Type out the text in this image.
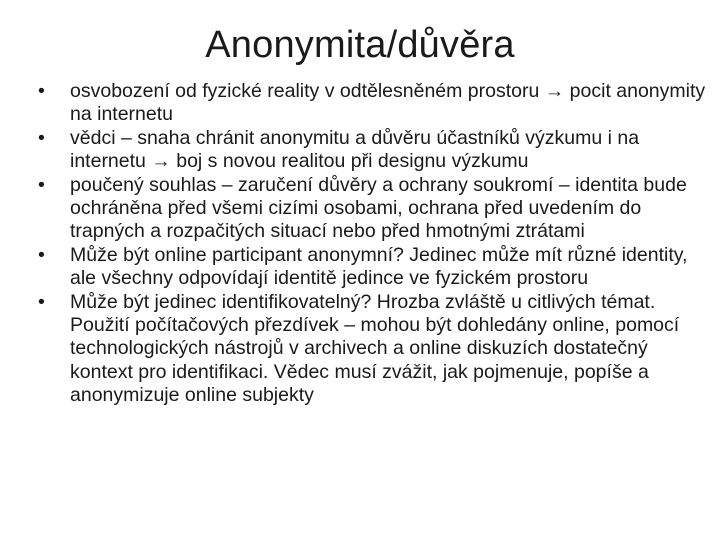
Anonymita/důvěra
•	osvobození od fyzické reality v odtělesněném prostoru → pocit anonymity na internetu
•	vědci – snaha chránit anonymitu a důvěru účastníků výzkumu i na internetu → boj s novou realitou při designu výzkumu
•	poučený souhlas – zaručení důvěry a ochrany soukromí – identita bude ochráněna před všemi cizími osobami, ochrana před uvedením do trapných a rozpačitých situací nebo před hmotnými ztrátami
•	Může být online participant anonymní? Jedinec může mít různé identity, ale všechny odpovídají identitě jedince ve fyzickém prostoru
•	Může být jedinec identifikovatelný? Hrozba zvláště u citlivých témat. Použití počítačových přezdívek – mohou být dohledány online, pomocí technologických nástrojů v archivech a online diskuzích dostatečný kontext pro identifikaci. Vědec musí zvážit, jak pojmenuje, popíše a anonymizuje online subjekty
